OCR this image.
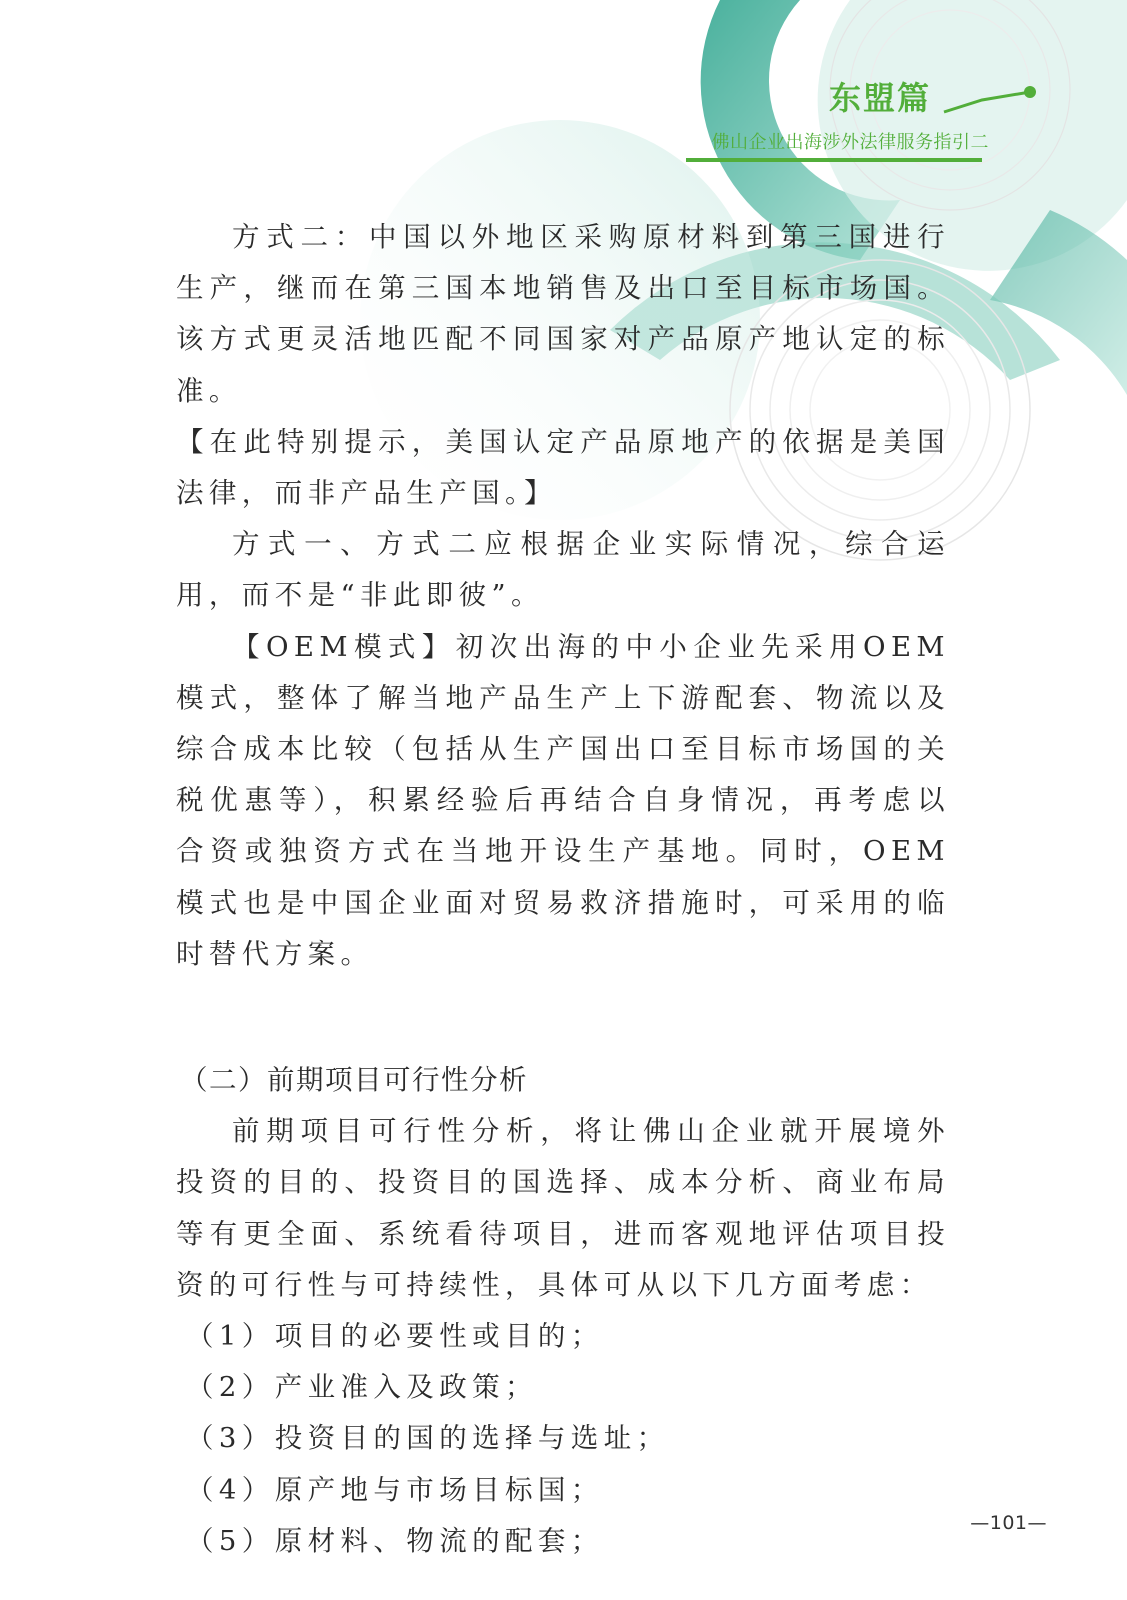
东盟篇
佛山企业出海涉外法律服务指引二

方式二：中国以外地区采购原材料到第三国进行生产，继而在第三国本地销售及出口至目标市场国。该方式更灵活地匹配不同国家对产品原产地认定的标准。

【在此特别提示，美国认定产品原地产的依据是美国法律，而非产品生产国。】

方式一、方式二应根据企业实际情况，综合运用，而不是“非此即彼”。

【OEM模式】初次出海的中小企业先采用OEM模式，整体了解当地产品生产上下游配套、物流以及综合成本比较（包括从生产国出口至目标市场国的关税优惠等），积累经验后再结合自身情况，再考虑以合资或独资方式在当地开设生产基地。同时，OEM模式也是中国企业面对贸易救济措施时，可采用的临时替代方案。

（二）前期项目可行性分析

前期项目可行性分析，将让佛山企业就开展境外投资的目的、投资目的国选择、成本分析、商业布局等有更全面、系统看待项目，进而客观地评估项目投资的可行性与可持续性，具体可从以下几方面考虑：

（1）项目的必要性或目的；

（2）产业准入及政策；

（3）投资目的国的选择与选址；

（4）原产地与市场目标国；

（5）原材料、物流的配套；

—101—
